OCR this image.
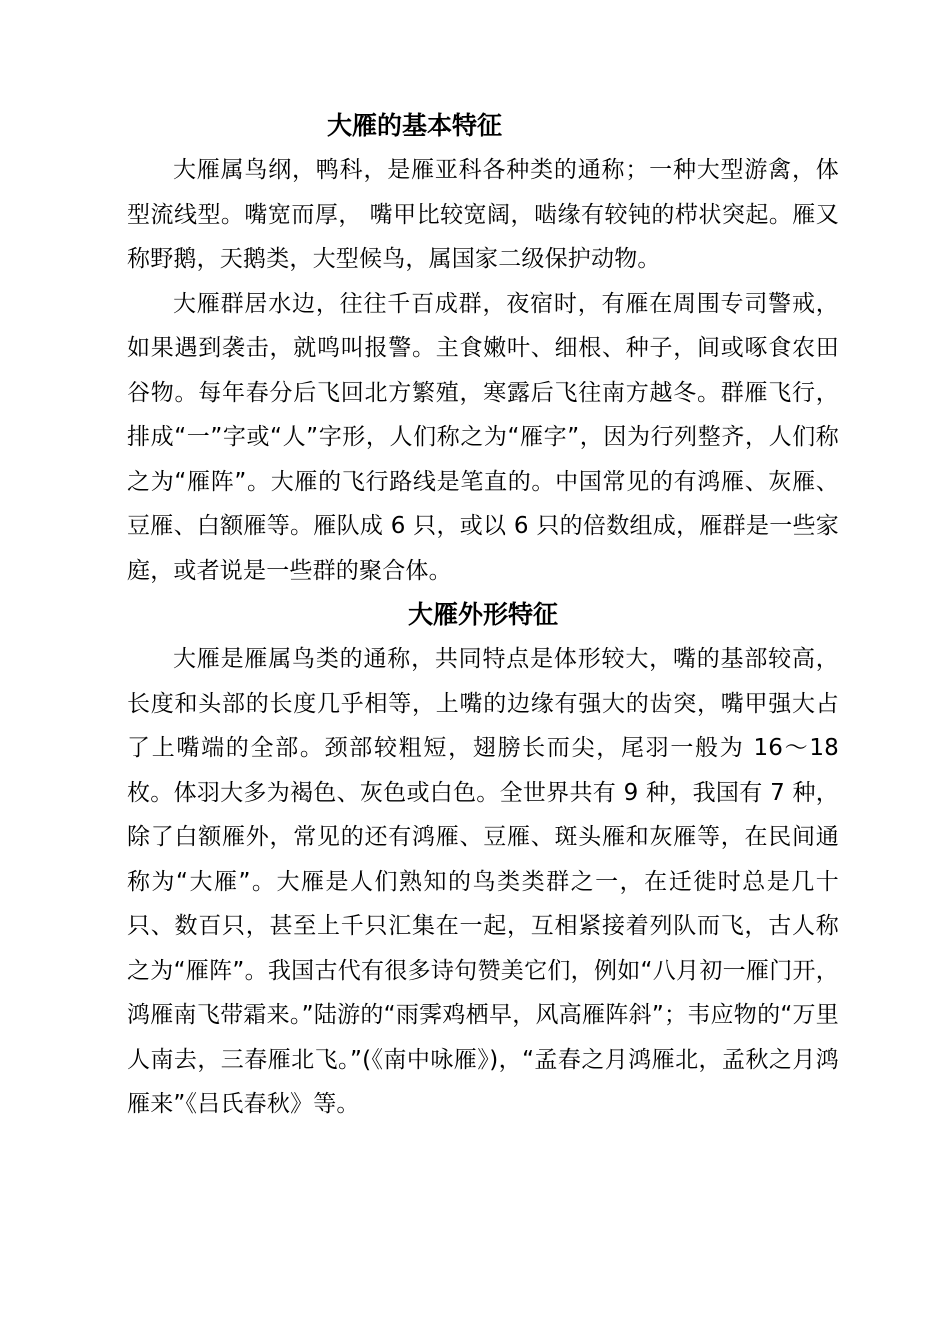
大雁的基本特征

大雁属鸟纲，鸭科，是雁亚科各种类的通称；一种大型游禽，体型流线型。嘴宽而厚， 嘴甲比较宽阔，啮缘有较钝的栉状突起。雁又称野鹅，天鹅类，大型候鸟，属国家二级保护动物。

大雁群居水边，往往千百成群，夜宿时，有雁在周围专司警戒，如果遇到袭击，就鸣叫报警。主食嫩叶、细根、种子，间或啄食农田谷物。每年春分后飞回北方繁殖，寒露后飞往南方越冬。群雁飞行，排成“一”字或“人”字形，人们称之为“雁字”，因为行列整齐，人们称之为“雁阵”。大雁的飞行路线是笔直的。中国常见的有鸿雁、灰雁、豆雁、白额雁等。雁队成 6 只，或以 6 只的倍数组成，雁群是一些家庭，或者说是一些群的聚合体。

大雁外形特征

大雁是雁属鸟类的通称，共同特点是体形较大，嘴的基部较高，长度和头部的长度几乎相等，上嘴的边缘有强大的齿突，嘴甲强大占了上嘴端的全部。颈部较粗短，翅膀长而尖，尾羽一般为 16～18 枚。体羽大多为褐色、灰色或白色。全世界共有 9 种，我国有 7 种，除了白额雁外，常见的还有鸿雁、豆雁、斑头雁和灰雁等，在民间通称为“大雁”。大雁是人们熟知的鸟类类群之一，在迁徙时总是几十只、数百只，甚至上千只汇集在一起，互相紧接着列队而飞，古人称之为“雁阵”。我国古代有很多诗句赞美它们，例如“八月初一雁门开，鸿雁南飞带霜来。”陆游的“雨霁鸡栖早，风高雁阵斜”；韦应物的“万里人南去，三春雁北飞。”(《南中咏雁》)，“孟春之月鸿雁北，孟秋之月鸿雁来”《吕氏春秋》等。
